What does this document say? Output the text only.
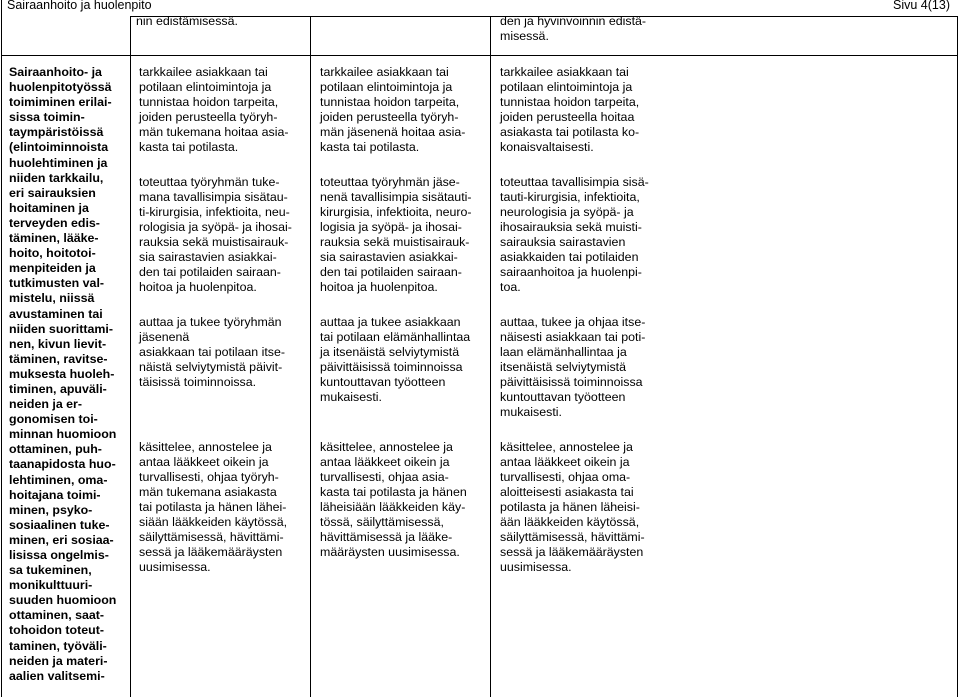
Sairaanhoito ja huolenpito	Sivu 4(13)
nin edistämisessä.	den ja hyvinvoinnin edistä-
misessä.
Sairaanhoito- ja
huolenpitotyössä
toimiminen erilai-
sissa toimin-
taympäristöissä
(elintoiminnoista
huolehtiminen ja
niiden tarkkailu,
eri sairauksien
hoitaminen ja
terveyden edis-
täminen, lääke-
hoito, hoitotoi-
menpiteiden ja
tutkimusten val-
mistelu, niissä
avustaminen tai
niiden suorittami-
nen, kivun lievit-
täminen, ravitse-
muksesta huoleh-
timinen, apuväli-
neiden ja er-
gonomisen toi-
minnan huomioon
ottaminen, puh-
taanapidosta huo-
lehtiminen, oma-
hoitajana toimi-
minen, psyko-
sosiaalinen tuke-
minen, eri sosiaa-
lisissa ongelmis-
sa tukeminen,
monikulttuuri-
suuden huomioon
ottaminen, saat-
tohoidon toteut-
taminen, työväli-
neiden ja materi-
aalien valitsemi-
tarkkailee asiakkaan tai
potilaan elintoimintoja ja
tunnistaa hoidon tarpeita,
joiden perusteella työryh-
män tukemana hoitaa asia-
kasta tai potilasta.
toteuttaa työryhmän tuke-
mana tavallisimpia sisätau-
ti-kirurgisia, infektioita, neu-
rologisia ja syöpä- ja ihosai-
rauksia sekä muistisairauk-
sia sairastavien asiakkai-
den tai potilaiden sairaan-
hoitoa ja huolenpitoa.
auttaa ja tukee työryhmän
jäsenenä
asiakkaan tai potilaan itse-
näistä selviytymistä päivit-
täisissä toiminnoissa.
käsittelee, annostelee ja
antaa lääkkeet oikein ja
turvallisesti, ohjaa työryh-
män tukemana asiakasta
tai potilasta ja hänen lähei-
siään lääkkeiden käytössä,
säilyttämisessä, hävittämi-
sessä ja lääkemääräysten
uusimisessa.
tarkkailee asiakkaan tai
potilaan elintoimintoja ja
tunnistaa hoidon tarpeita,
joiden perusteella työryh-
män jäsenenä hoitaa asia-
kasta tai potilasta.
toteuttaa työryhmän jäse-
nenä tavallisimpia sisätauti-
kirurgisia, infektioita, neuro-
logisia ja syöpä- ja ihosai-
rauksia sekä muistisairauk-
sia sairastavien asiakkai-
den tai potilaiden sairaan-
hoitoa ja huolenpitoa.
auttaa ja tukee asiakkaan
tai potilaan elämänhallintaa
ja itsenäistä selviytymistä
päivittäisissä toiminnoissa
kuntouttavan työotteen
mukaisesti.
käsittelee, annostelee ja
antaa lääkkeet oikein ja
turvallisesti, ohjaa asia-
kasta tai potilasta ja hänen
läheisiään lääkkeiden käy-
tössä, säilyttämisessä,
hävittämisessä ja lääke-
määräysten uusimisessa.
tarkkailee asiakkaan tai
potilaan elintoimintoja ja
tunnistaa hoidon tarpeita,
joiden perusteella hoitaa
asiakasta tai potilasta ko-
konaisvaltaisesti.
toteuttaa tavallisimpia sisä-
tauti-kirurgisia, infektioita,
neurologisia ja syöpä- ja
ihosairauksia sekä muisti-
sairauksia sairastavien
asiakkaiden tai potilaiden
sairaanhoitoa ja huolenpi-
toa.
auttaa, tukee ja ohjaa itse-
näisesti asiakkaan tai poti-
laan elämänhallintaa ja
itsenäistä selviytymistä
päivittäisissä toiminnoissa
kuntouttavan työotteen
mukaisesti.
käsittelee, annostelee ja
antaa lääkkeet oikein ja
turvallisesti, ohjaa oma-
aloitteisesti asiakasta tai
potilasta ja hänen läheisi-
ään lääkkeiden käytössä,
säilyttämisessä, hävittämi-
sessä ja lääkemääräysten
uusimisessa.
